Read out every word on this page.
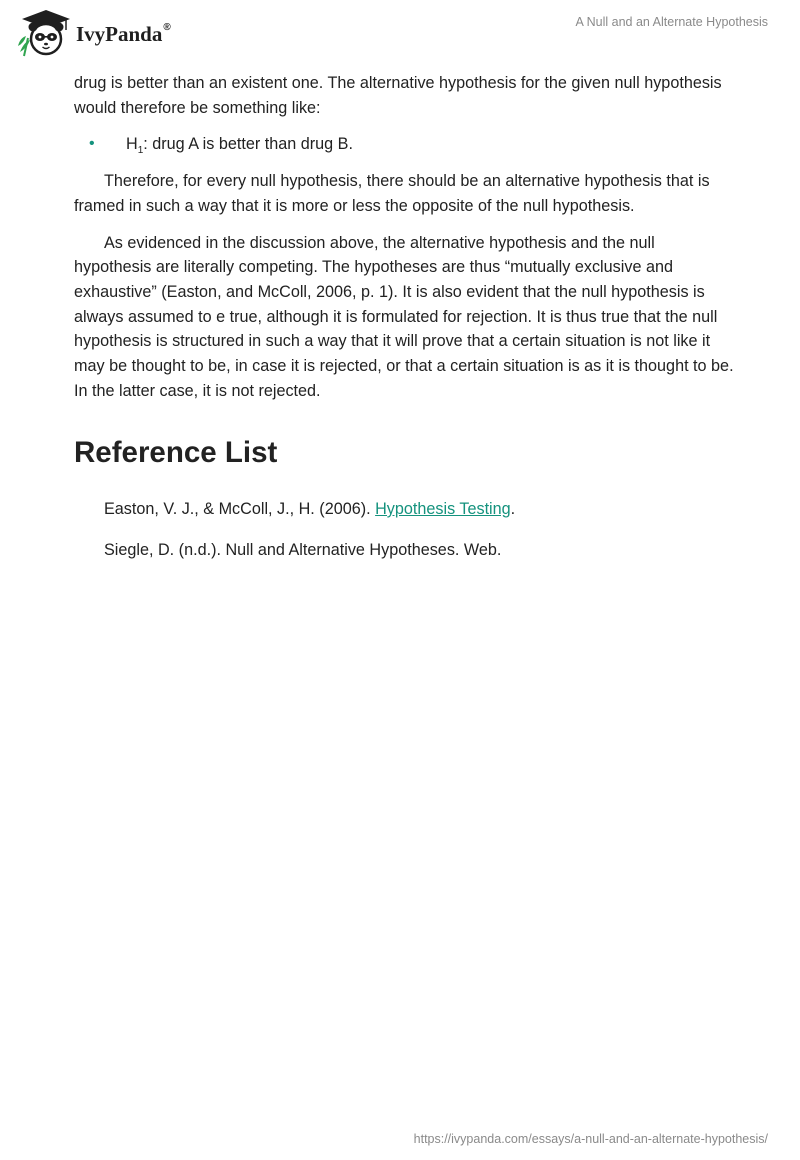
IvyPanda®	A Null and an Alternate Hypothesis

drug is better than an existent one. The alternative hypothesis for the given null hypothesis would therefore be something like:

• $H_1$: drug A is better than drug B.

Therefore, for every null hypothesis, there should be an alternative hypothesis that is framed in such a way that it is more or less the opposite of the null hypothesis.

As evidenced in the discussion above, the alternative hypothesis and the null hypothesis are literally competing. The hypotheses are thus “mutually exclusive and exhaustive” (Easton, and McColl, 2006, p. 1). It is also evident that the null hypothesis is always assumed to e true, although it is formulated for rejection. It is thus true that the null hypothesis is structured in such a way that it will prove that a certain situation is not like it may be thought to be, in case it is rejected, or that a certain situation is as it is thought to be. In the latter case, it is not rejected.

Reference List

Easton, V. J., & McColl, J., H. (2006). Hypothesis Testing.

Siegle, D. (n.d.). Null and Alternative Hypotheses. Web.

https://ivypanda.com/essays/a-null-and-an-alternate-hypothesis/
